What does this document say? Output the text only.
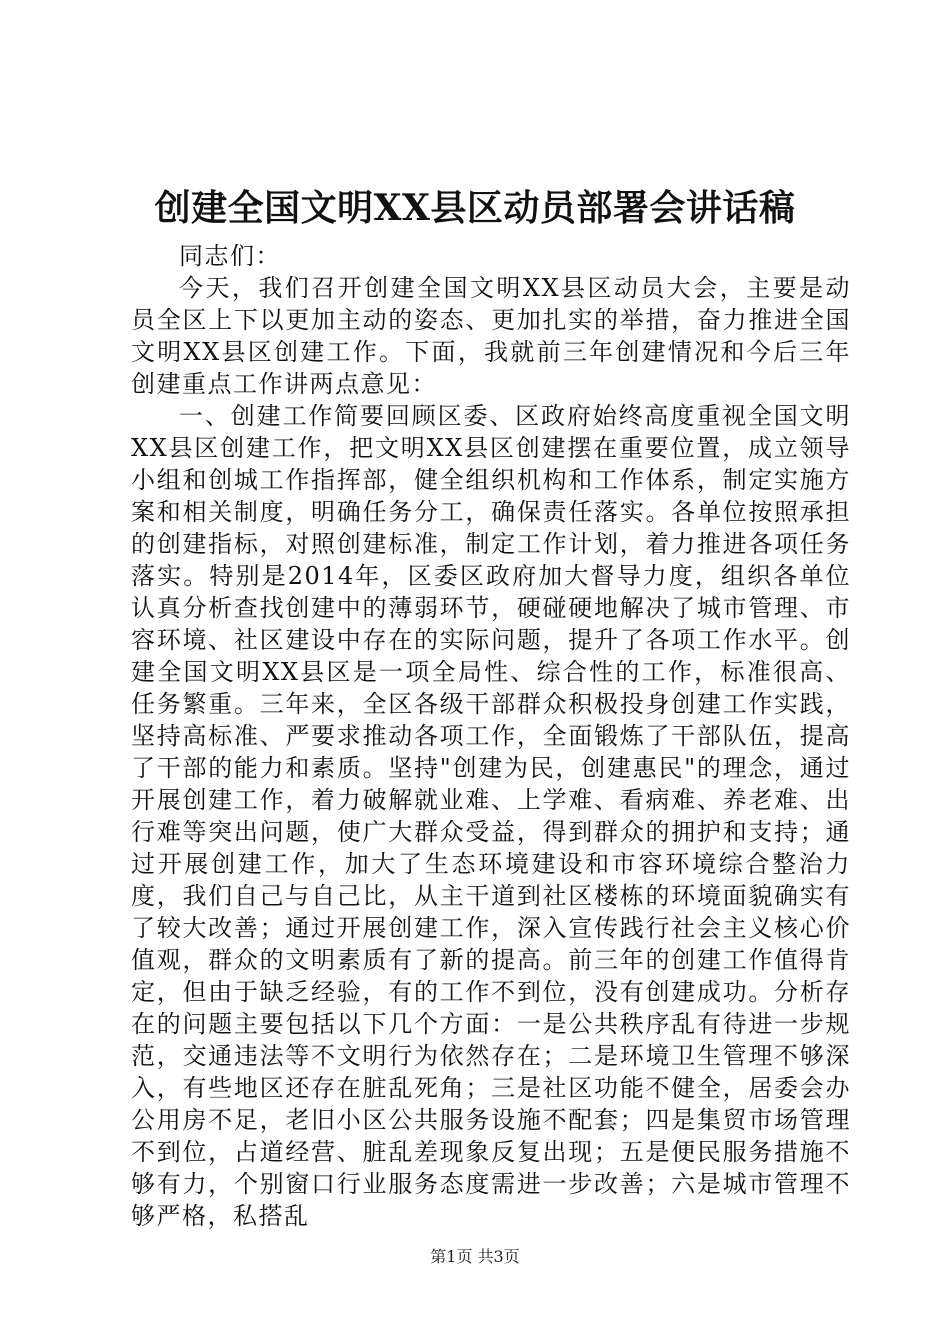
创建全国文明XX县区动员部署会讲话稿

同志们：

今天，我们召开创建全国文明XX县区动员大会，主要是动员全区上下以更加主动的姿态、更加扎实的举措，奋力推进全国文明XX县区创建工作。下面，我就前三年创建情况和今后三年创建重点工作讲两点意见：

一、创建工作简要回顾区委、区政府始终高度重视全国文明XX县区创建工作，把文明XX县区创建摆在重要位置，成立领导小组和创城工作指挥部，健全组织机构和工作体系，制定实施方案和相关制度，明确任务分工，确保责任落实。各单位按照承担的创建指标，对照创建标准，制定工作计划，着力推进各项任务落实。特别是2014年，区委区政府加大督导力度，组织各单位认真分析查找创建中的薄弱环节，硬碰硬地解决了城市管理、市容环境、社区建设中存在的实际问题，提升了各项工作水平。创建全国文明XX县区是一项全局性、综合性的工作，标准很高、任务繁重。三年来，全区各级干部群众积极投身创建工作实践，坚持高标准、严要求推动各项工作，全面锻炼了干部队伍，提高了干部的能力和素质。坚持"创建为民，创建惠民"的理念，通过开展创建工作，着力破解就业难、上学难、看病难、养老难、出行难等突出问题，使广大群众受益，得到群众的拥护和支持；通过开展创建工作，加大了生态环境建设和市容环境综合整治力度，我们自己与自己比，从主干道到社区楼栋的环境面貌确实有了较大改善；通过开展创建工作，深入宣传践行社会主义核心价值观，群众的文明素质有了新的提高。前三年的创建工作值得肯定，但由于缺乏经验，有的工作不到位，没有创建成功。分析存在的问题主要包括以下几个方面：一是公共秩序乱有待进一步规范，交通违法等不文明行为依然存在；二是环境卫生管理不够深入，有些地区还存在脏乱死角；三是社区功能不健全，居委会办公用房不足，老旧小区公共服务设施不配套；四是集贸市场管理不到位，占道经营、脏乱差现象反复出现；五是便民服务措施不够有力，个别窗口行业服务态度需进一步改善；六是城市管理不够严格，私搭乱

第1页 共3页
